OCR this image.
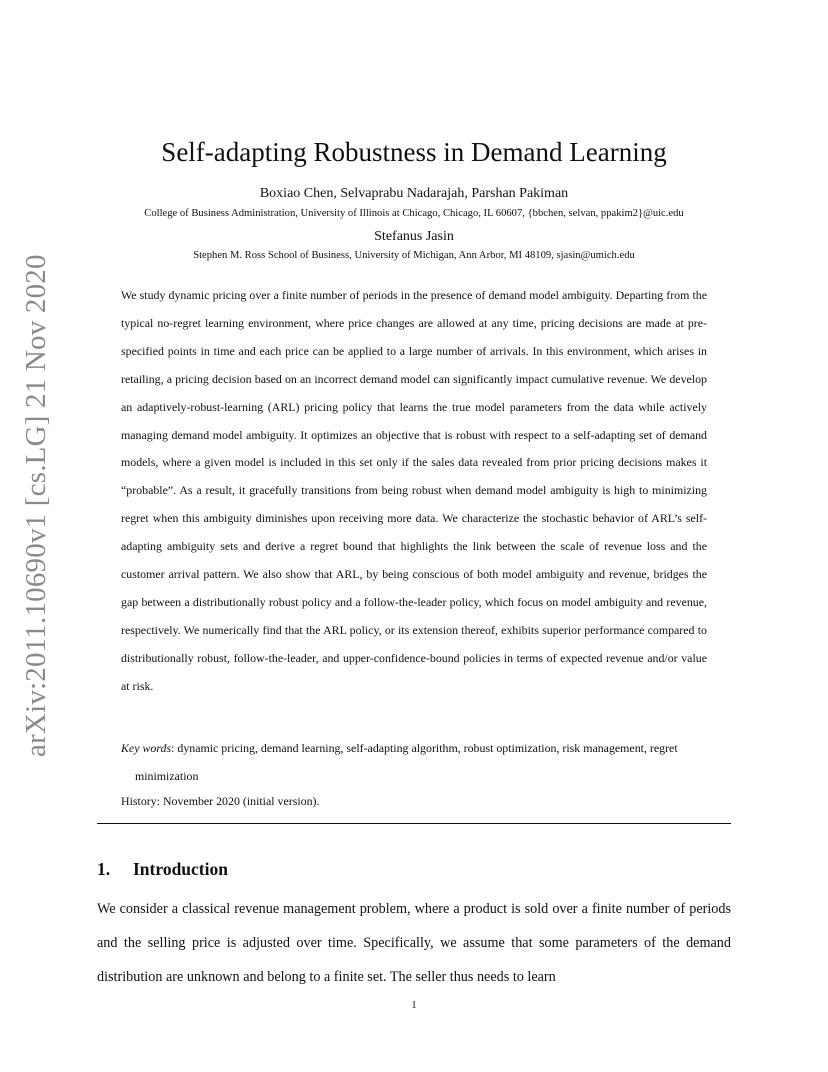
arXiv:2011.10690v1 [cs.LG] 21 Nov 2020
Self-adapting Robustness in Demand Learning
Boxiao Chen, Selvaprabu Nadarajah, Parshan Pakiman
College of Business Administration, University of Illinois at Chicago, Chicago, IL 60607, {bbchen, selvan, ppakim2}@uic.edu
Stefanus Jasin
Stephen M. Ross School of Business, University of Michigan, Ann Arbor, MI 48109, sjasin@umich.edu

We study dynamic pricing over a finite number of periods in the presence of demand model ambiguity. Departing from the typical no-regret learning environment, where price changes are allowed at any time, pricing decisions are made at pre-specified points in time and each price can be applied to a large number of arrivals. In this environment, which arises in retailing, a pricing decision based on an incorrect demand model can significantly impact cumulative revenue. We develop an adaptively-robust-learning (ARL) pricing policy that learns the true model parameters from the data while actively managing demand model ambiguity. It optimizes an objective that is robust with respect to a self-adapting set of demand models, where a given model is included in this set only if the sales data revealed from prior pricing decisions makes it “probable”. As a result, it gracefully transitions from being robust when demand model ambiguity is high to minimizing regret when this ambiguity diminishes upon receiving more data. We characterize the stochastic behavior of ARL’s self-adapting ambiguity sets and derive a regret bound that highlights the link between the scale of revenue loss and the customer arrival pattern. We also show that ARL, by being conscious of both model ambiguity and revenue, bridges the gap between a distributionally robust policy and a follow-the-leader policy, which focus on model ambiguity and revenue, respectively. We numerically find that the ARL policy, or its extension thereof, exhibits superior performance compared to distributionally robust, follow-the-leader, and upper-confidence-bound policies in terms of expected revenue and/or value at risk.

Key words: dynamic pricing, demand learning, self-adapting algorithm, robust optimization, risk management, regret minimization
History: November 2020 (initial version).
1. Introduction

We consider a classical revenue management problem, where a product is sold over a finite number of periods and the selling price is adjusted over time. Specifically, we assume that some parameters of the demand distribution are unknown and belong to a finite set. The seller thus needs to learn

1
